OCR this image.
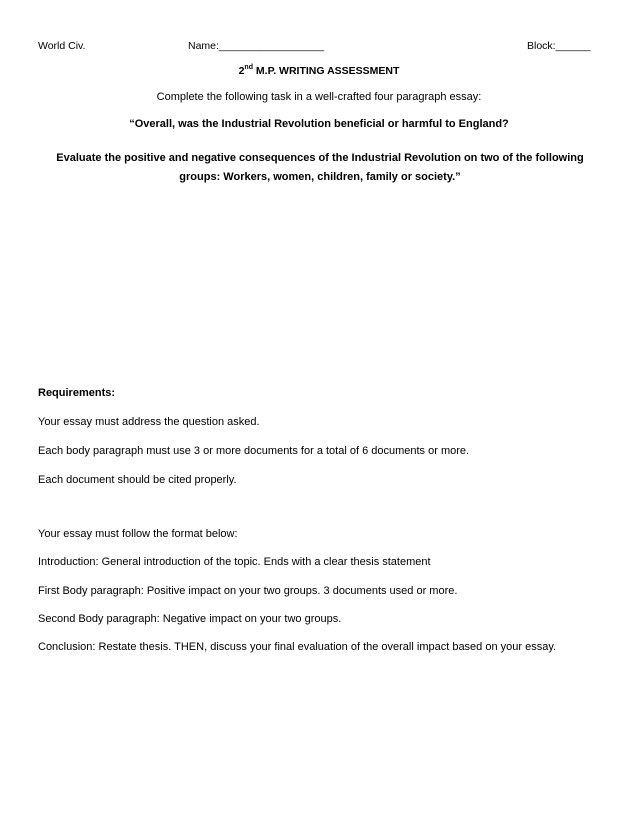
World Civ.	Name:__________________	Block:______
2nd M.P. WRITING ASSESSMENT
Complete the following task in a well-crafted four paragraph essay:
“Overall, was the Industrial Revolution beneficial or harmful to England?
Evaluate the positive and negative consequences of the Industrial Revolution on two of the following groups: Workers, women, children, family or society.”
Requirements:
Your essay must address the question asked.
Each body paragraph must use 3 or more documents for a total of 6 documents or more.
Each document should be cited properly.
Your essay must follow the format below:
Introduction: General introduction of the topic. Ends with a clear thesis statement
First Body paragraph: Positive impact on your two groups. 3 documents used or more.
Second Body paragraph: Negative impact on your two groups.
Conclusion: Restate thesis. THEN, discuss your final evaluation of the overall impact based on your essay.
